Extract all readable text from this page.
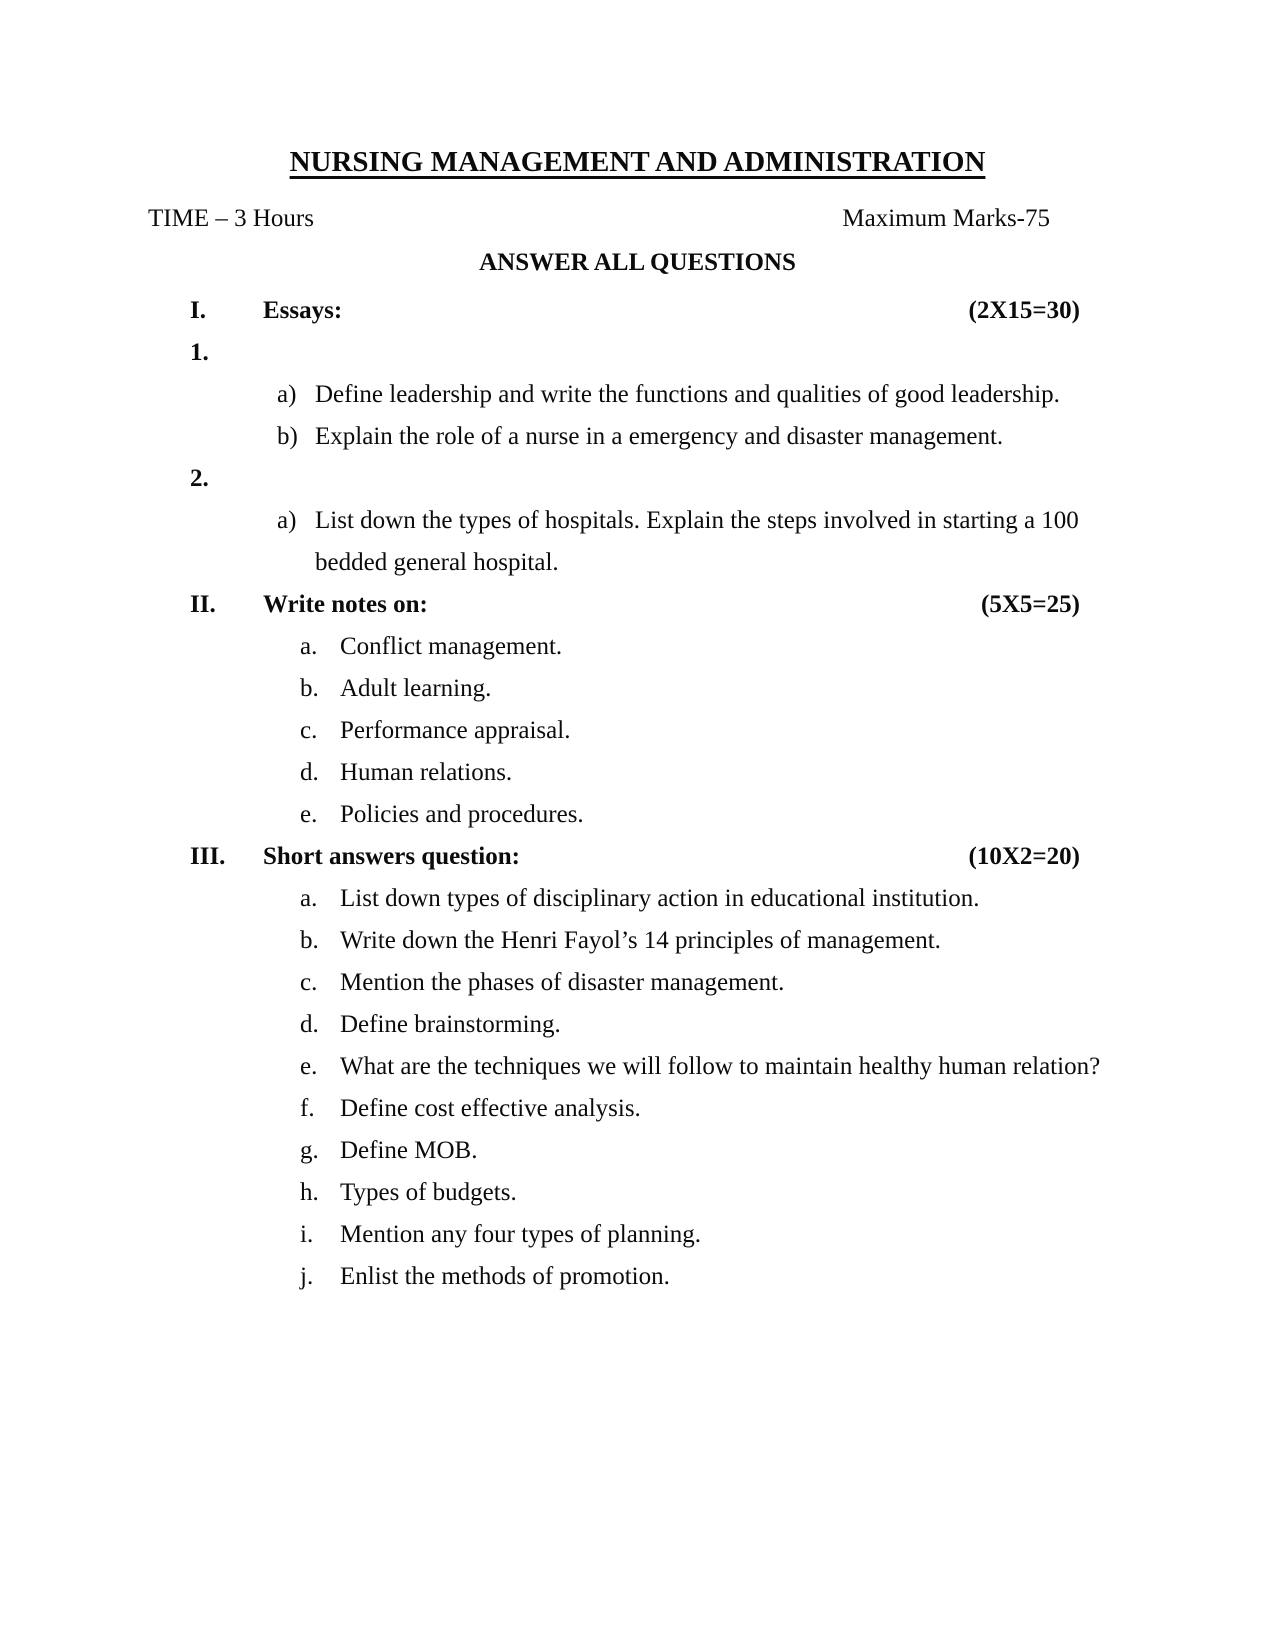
NURSING MANAGEMENT AND ADMINISTRATION
TIME – 3 Hours	Maximum Marks-75
ANSWER ALL QUESTIONS
I.	Essays:	(2X15=30)
1.
a) Define leadership and write the functions and qualities of good leadership.
b) Explain the role of a nurse in a emergency and disaster management.
2.
a) List down the types of hospitals. Explain the steps involved in starting a 100 bedded general hospital.
II.	Write notes on:	(5X5=25)
a. Conflict management.
b. Adult learning.
c. Performance appraisal.
d. Human relations.
e. Policies and procedures.
III.	Short answers question:	(10X2=20)
a. List down types of disciplinary action in educational institution.
b. Write down the Henri Fayol’s 14 principles of management.
c. Mention the phases of disaster management.
d. Define brainstorming.
e. What are the techniques we will follow to maintain healthy human relation?
f.	Define cost effective analysis.
g. Define MOB.
h. Types of budgets.
i.	Mention any four types of planning.
j.	Enlist the methods of promotion.
